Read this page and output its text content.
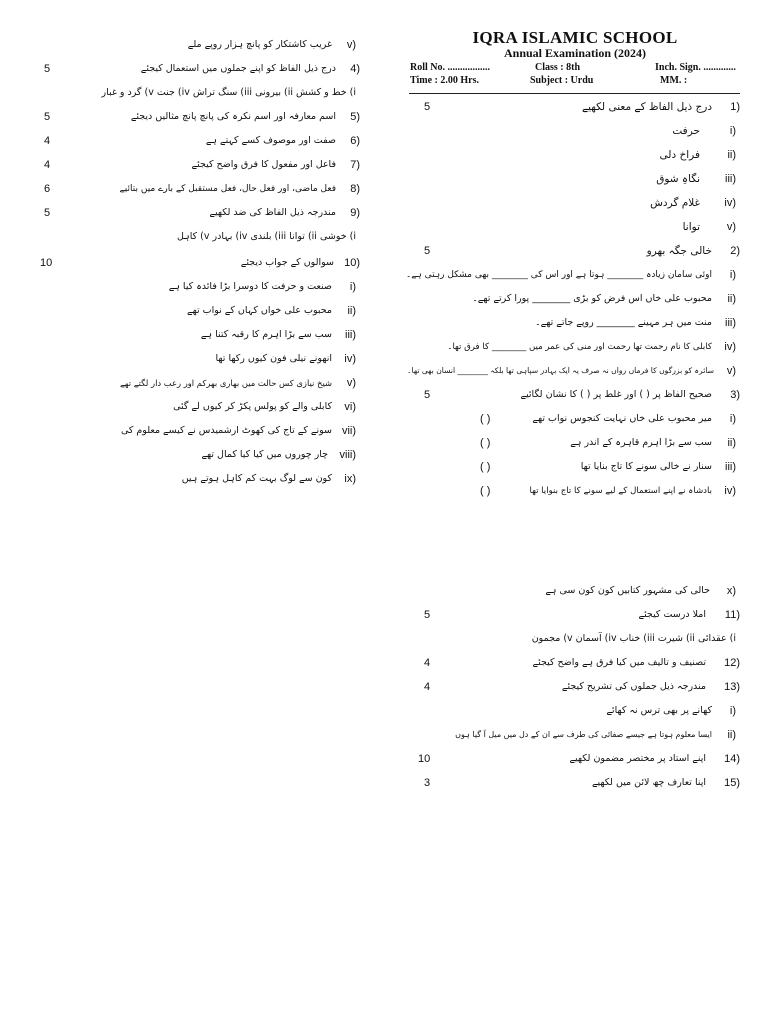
IQRA ISLAMIC SCHOOL
Annual Examination (2024)
Roll No. .................	Class : 8th	Inch. Sign. .............
Time : 2.00 Hrs.	Subject : Urdu	MM. :
5	درج ذیل الفاظ کے معنی لکھیے 1)
حرفت	i)
فراخ دلی ii)
نگاہِ شوق iii)
غلام گردش iv)
توانا v)
5	خالی جگہ بھرو 2)
اوئی سامان زیادہ ________ ہوتا ہے اور اس کی ________ بھی مشکل رہتی ہے۔ i)
محبوب علی خاں اس فرض کو بڑی ________ پورا کرتے تھے۔ ii)
منت میں ہر مہینے ________ روپے جاتے تھے۔ iii)
کابلی کا نام رحمت تھا رحمت اور منی کی عمر میں ________ کا فرق تھا۔ iv)
سائرہ کو بزرگوں کا فرماں رواں نہ صرف یہ ایک بہادر سپاہی تھا بلکہ ________ انسان بھی تھا۔ v)
5	صحیح الفاظ پر ( ) اور غلط پر ( ) کا نشان لگائیے 3)
( )	میر محبوب علی خاں نہایت کنجوس نواب تھے i)
( )	سب سے بڑا اہرم قاہرہ کے اندر ہے ii)
( )	سنار نے خالی سونے کا تاج بنایا تھا iii)
( )	بادشاہ نے اپنے استعمال کے لیے سونے کا تاج بنوایا تھا iv)
حالی کی مشہور کتابیں کون کون سی ہے x)
5	املا درست کیجئے 11)
i) عقدائی ii) شیرت iii) خناب iv) آسمان v) مجمون
4	تصنیف و تالیف میں کیا فرق ہے واضح کیجئے 12)
4	مندرجہ ذیل جملوں کی تشریح کیجئے 13)
کھانے پر بھی ترس نہ کھائے i)
ایسا معلوم ہوتا ہے جیسے صفائی کی طرف سے ان کے دل میں میل آ گیا ہوں ii)
10	اپنے استاد پر مختصر مضمون لکھیے 14)
3	اپنا تعارف چھ لائن میں لکھیے 15)
غریب کاشتکار کو پانچ ہزار روپے ملے v)
5	درج ذیل الفاظ کو اپنے جملوں میں استعمال کیجئے 4)
i) خط و کشش ii) بیرونی iii) سنگ تراش iv) جنت v) گرد و غبار
5	اسم معارفہ اور اسم نکرہ کی پانچ پانچ مثالیں دیجئے 5)
4	صفت اور موصوف کسے کہتے ہے 6)
4	فاعل اور مفعول کا فرق واضح کیجئے 7)
6	فعل ماضی، اور فعل حال، فعل مستقبل کے بارے میں بتائیے 8)
5	مندرجہ ذیل الفاظ کی ضد لکھیے 9)
i) خوشی ii) توانا iii) بلندی iv) بہادر v) کاہل
10	سوالوں کے جواب دیجئے 10)
صنعت و حرفت کا دوسرا بڑا فائدہ کیا ہے i)
محبوب علی خواں کہاں کے نواب تھے ii)
سب سے بڑا اہرم کا رقبہ کتنا ہے iii)
انھونے نیلی فون کیوں رکھا تھا iv)
شیخ نیازی کس حالت میں بھاری بھرکم اور رعب دار لگتے تھے v)
کابلی والے کو پولس پکڑ کر کیوں لے گئی vi)
سونے کے تاج کی کھوٹ ارشمیدس نے کیسے معلوم کی vii)
چار چوروں میں کیا کیا کمال تھے viii)
کون سے لوگ بہت کم کاہل ہوتے ہیں ix)
